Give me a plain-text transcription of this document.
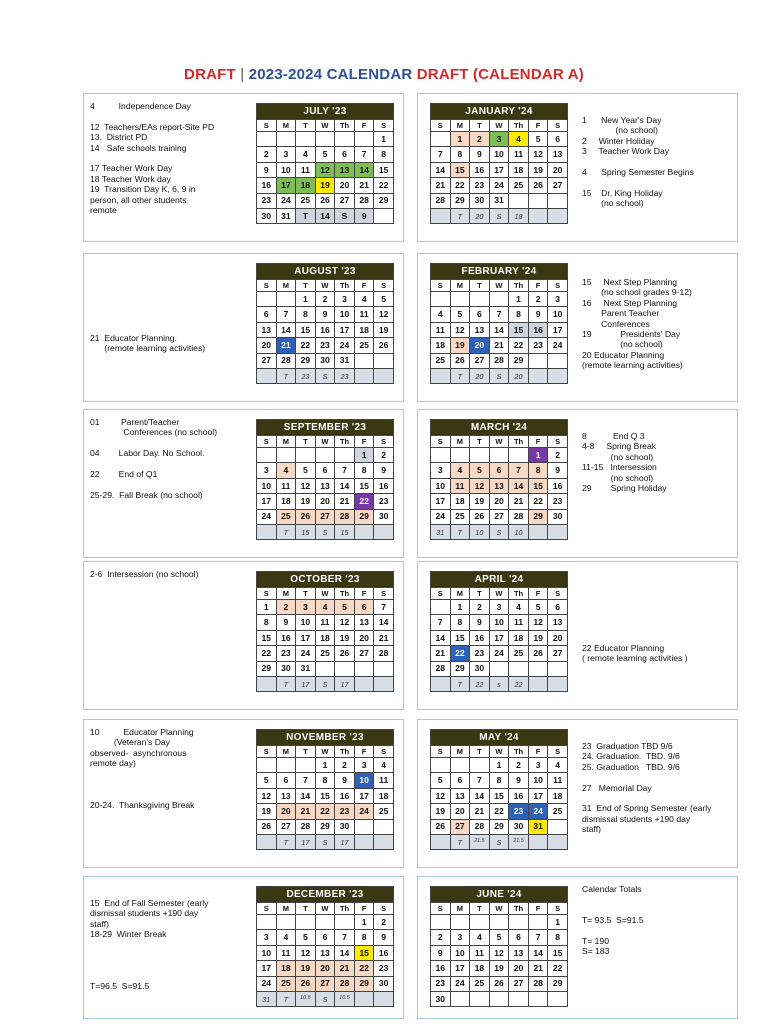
DRAFT | 2023-2024 CALENDAR DRAFT (CALENDAR A)
JULY '23						
S	M	T	W	Th	F	S
						1
2	3	4	5	6	7	8
9	10	11	12	13	14	15
16	17	18	19	20	21	22
23	24	25	26	27	28	29
30	31	T	14	S	9	
JANUARY '24						
S	M	T	W	Th	F	S
	1	2	3	4	5	6
7	8	9	10	11	12	13
14	15	16	17	18	19	20
21	22	23	24	25	26	27
28	29	30	31			
	T	20	S	18		
4          Independence Day
12  Teachers/EAs report-Site PD
13.  District PD
14   Safe schools training
17 Teacher Work Day
18 Teacher Work day
19  Transition Day K, 6, 9 in
person, all other students
remote
1      New Year's Day
(no school)
2     Winter Holiday
3     Teacher Work Day
4      Spring Semester Begins
15    Dr. King Holiday
(no school)
AUGUST '23						
S	M	T	W	Th	F	S
		1	2	3	4	5
6	7	8	9	10	11	12
13	14	15	16	17	18	19
20	21	22	23	24	25	26
27	28	29	30	31		
	T	23	S	23		
FEBRUARY '24						
S	M	T	W	Th	F	S
				1	2	3
4	5	6	7	8	9	10
11	12	13	14	15	16	17
18	19	20	21	22	23	24
25	26	27	28	29		
	T	20	S	20		
21  Educator Planning.
(remote learning activities)
15     Next Step Planning
(no school grades 9-12)
16     Next Step Planning
Parent Teacher
Conferences
19            Presidents' Day
(no school)
20 Educator Planning
(remote learning activities)
SEPTEMBER '23						
S	M	T	W	Th	F	S
					1	2
3	4	5	6	7	8	9
10	11	12	13	14	15	16
17	18	19	20	21	22	23
24	25	26	27	28	29	30
	T	15	S	15		
MARCH '24						
S	M	T	W	Th	F	S
					1	2
3	4	5	6	7	8	9
10	11	12	13	14	15	16
17	18	19	20	21	22	23
24	25	26	27	28	29	30
31	T	10	S	10		
01         Parent/Teacher
Conferences (no school)
04        Labor Day. No School.
22        End of Q1
25-29.  Fall Break (no school)
8           End Q 3
4-8     Spring Break
(no school)
11-15   Intersession
(no school)
29        Spring Holiday
OCTOBER '23						
S	M	T	W	Th	F	S
1	2	3	4	5	6	7
8	9	10	11	12	13	14
15	16	17	18	19	20	21
22	23	24	25	26	27	28
29	30	31				
	T	17	S	17		
APRIL '24						
S	M	T	W	Th	F	S
	1	2	3	4	5	6
7	8	9	10	11	12	13
14	15	16	17	18	19	20
21	22	23	24	25	26	27
28	29	30				
	T	22	s	22		
2-6  Intersession (no school)
22 Educator Planning
( remote learning activities )
NOVEMBER '23						
S	M	T	W	Th	F	S
			1	2	3	4
5	6	7	8	9	10	11
12	13	14	15	16	17	18
19	20	21	22	23	24	25
26	27	28	29	30		
	T	17	S	17		
MAY '24						
S	M	T	W	Th	F	S
			1	2	3	4
5	6	7	8	9	10	11
12	13	14	15	16	17	18
19	20	21	22	23	24	25
26	27	28	29	30	31	
	T	21.5	S	21.5		
10          Educator Planning
(Veteran's Day
observed-  asynchronous
remote day)
20-24.  Thanksgiving Break
23  Graduation TBD 9/6
24. Graduation.  TBD. 9/6
25. Graduation   TBD. 9/6
27   Memorial Day
31  End of Spring Semester (early
dismissal students +190 day
staff)
DECEMBER '23						
S	M	T	W	Th	F	S
					1	2
3	4	5	6	7	8	9
10	11	12	13	14	15	16
17	18	19	20	21	22	23
24	25	26	27	28	29	30
31	T	10.5	S	10.5		
JUNE '24						
S	M	T	W	Th	F	S
						1
2	3	4	5	6	7	8
9	10	11	12	13	14	15
16	17	18	19	20	21	22
23	24	25	26	27	28	29
30						
15  End of Fall Semester (early
dismissal students +190 day
staff)
18-29  Winter Break
T=96.5  S=91.5
Calendar Totals
T= 93.5  S=91.5
T= 190
S= 183
